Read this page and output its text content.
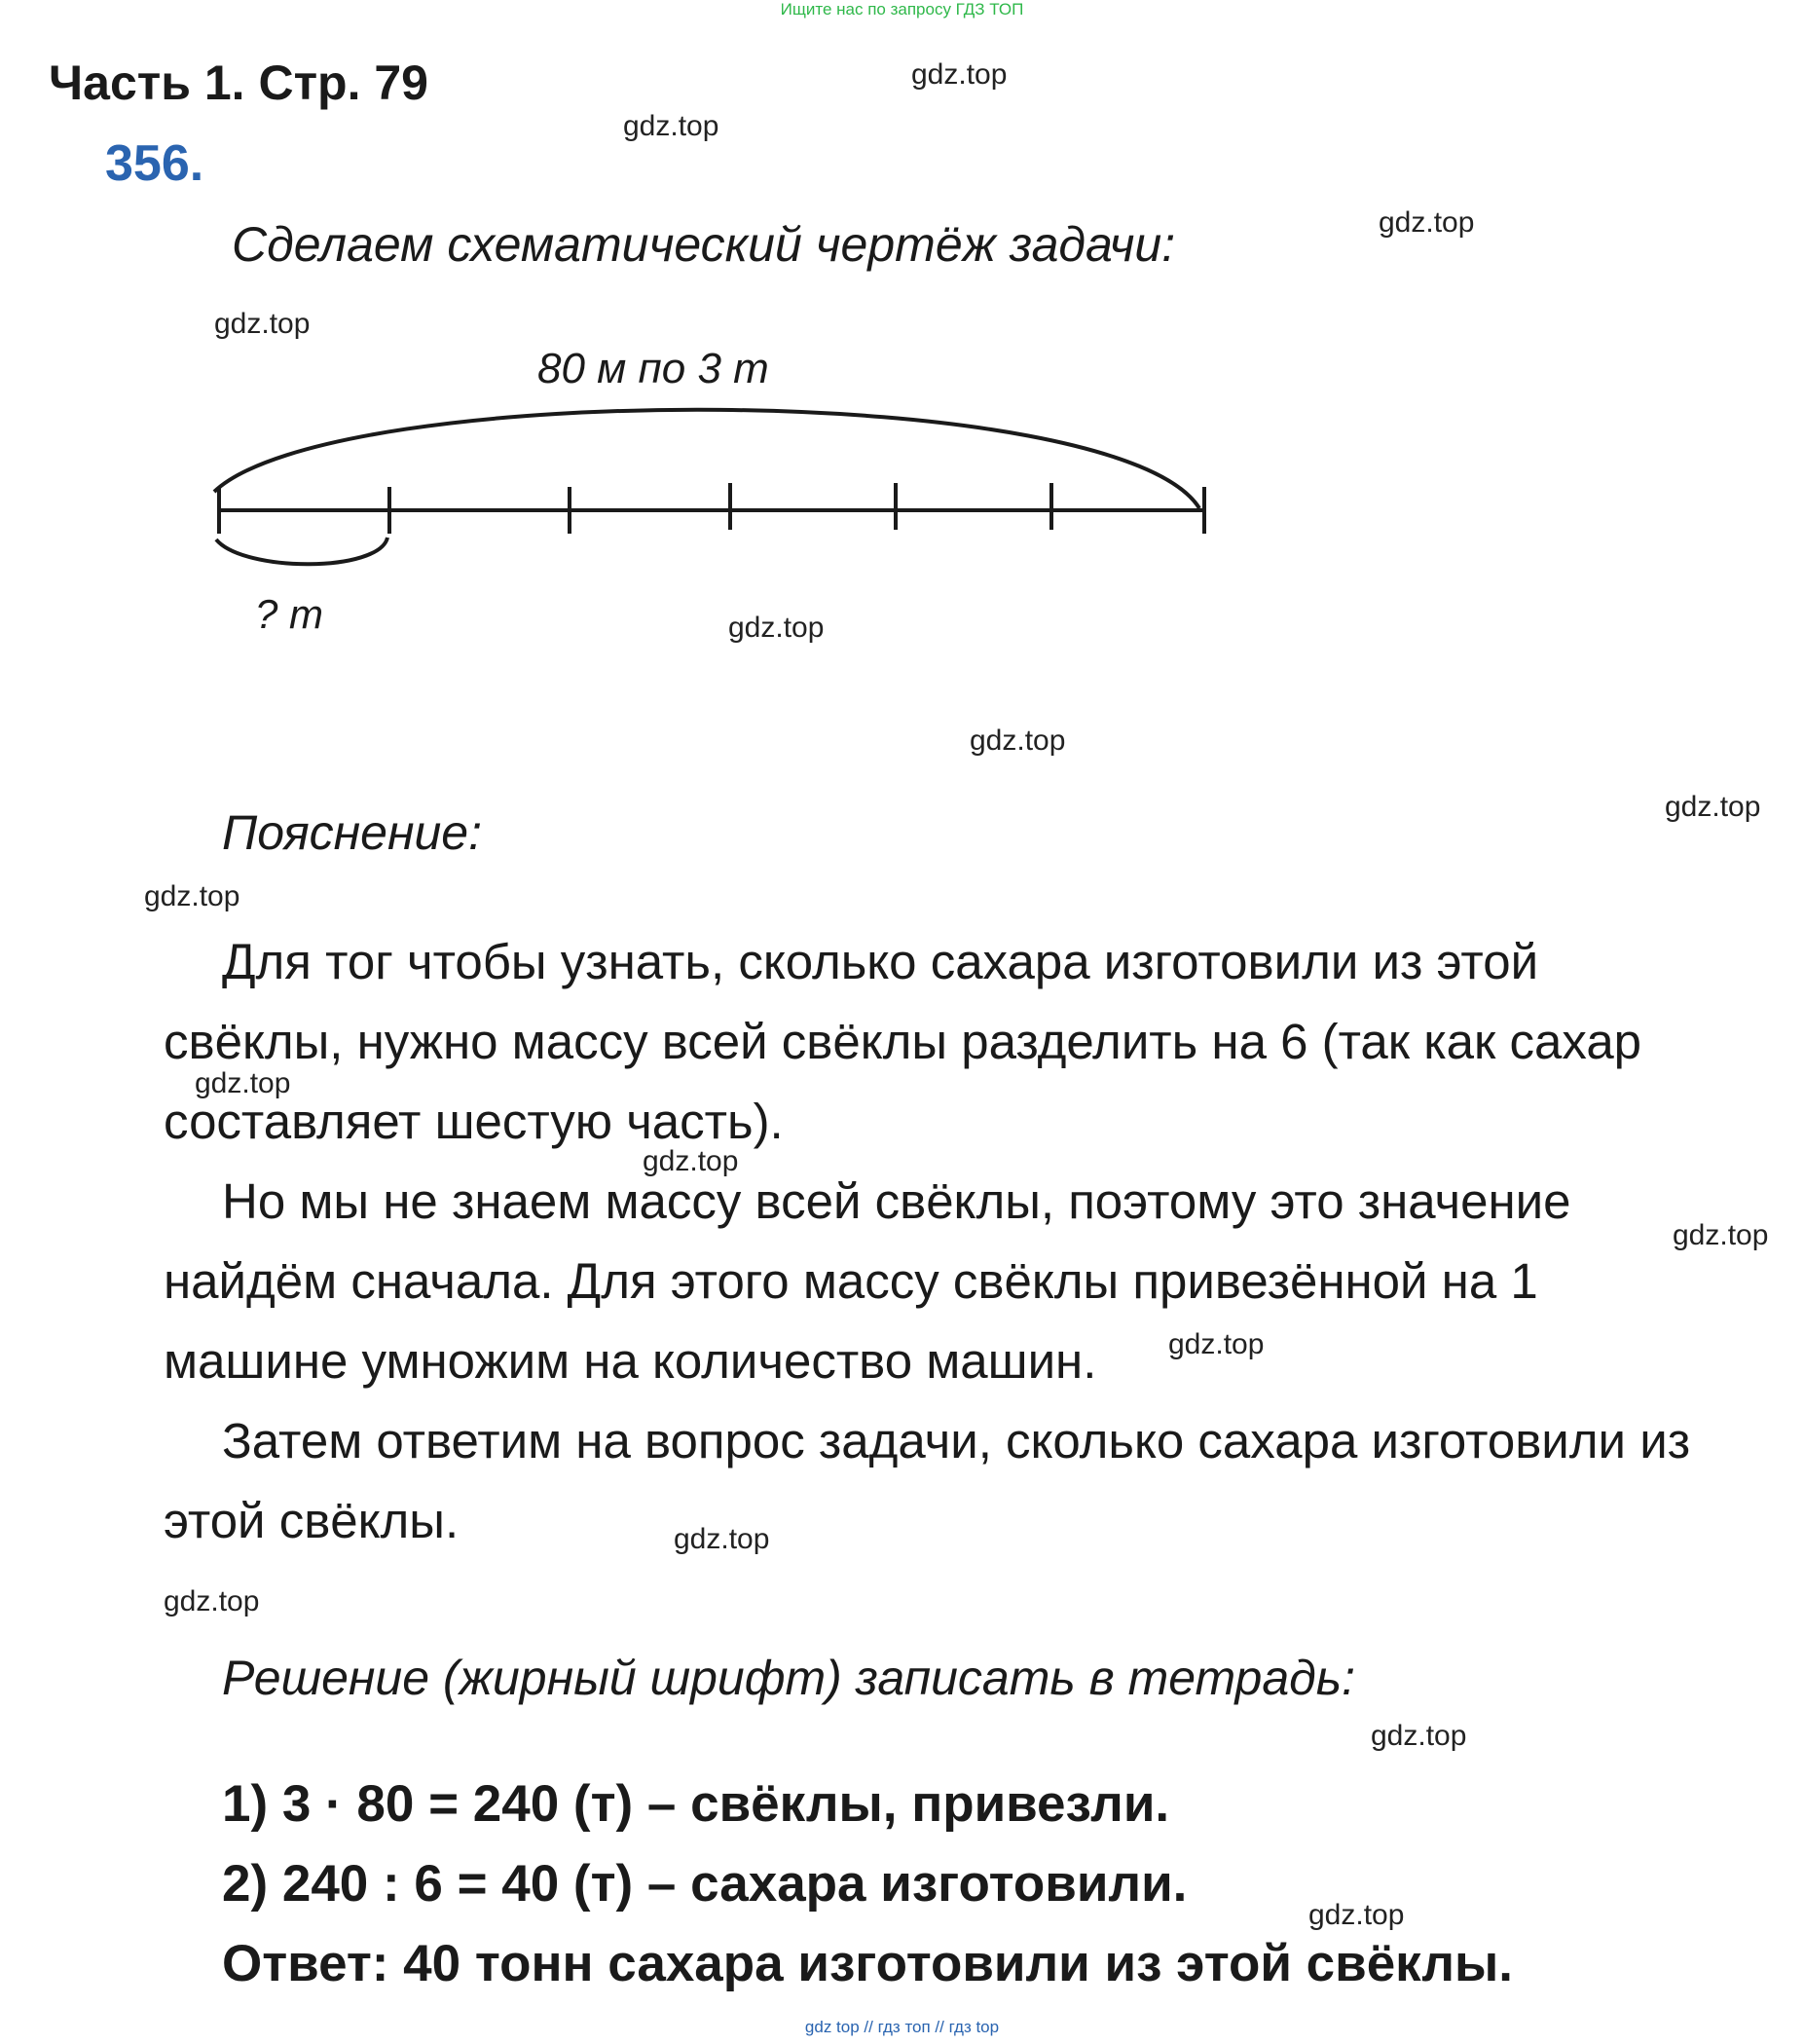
Ищите нас по запросу ГДЗ ТОП
Часть 1. Стр. 79
356.
Сделаем схематический чертёж задачи:
80 м по 3 т
? т
Пояснение:
Для тог чтобы узнать, сколько сахара изготовили из этой
свёклы, нужно массу всей свёклы разделить на 6 (так как сахар
составляет шестую часть).
Но мы не знаем массу всей свёклы, поэтому это значение
найдём сначала. Для этого массу свёклы привезённой на 1
машине умножим на количество машин.
Затем ответим на вопрос задачи, сколько сахара изготовили из
этой свёклы.
Решение (жирный шрифт) записать в тетрадь:
1) 3 · 80 = 240 (т) – свёклы, привезли.
2) 240 : 6 = 40 (т) – сахара изготовили.
Ответ: 40 тонн сахара изготовили из этой свёклы.
gdz.top
gdz.top
gdz.top
gdz.top
gdz.top
gdz.top
gdz.top
gdz.top
gdz.top
gdz.top
gdz.top
gdz.top
gdz.top
gdz.top
gdz.top
gdz.top
gdz top // гдз топ // гдз top
